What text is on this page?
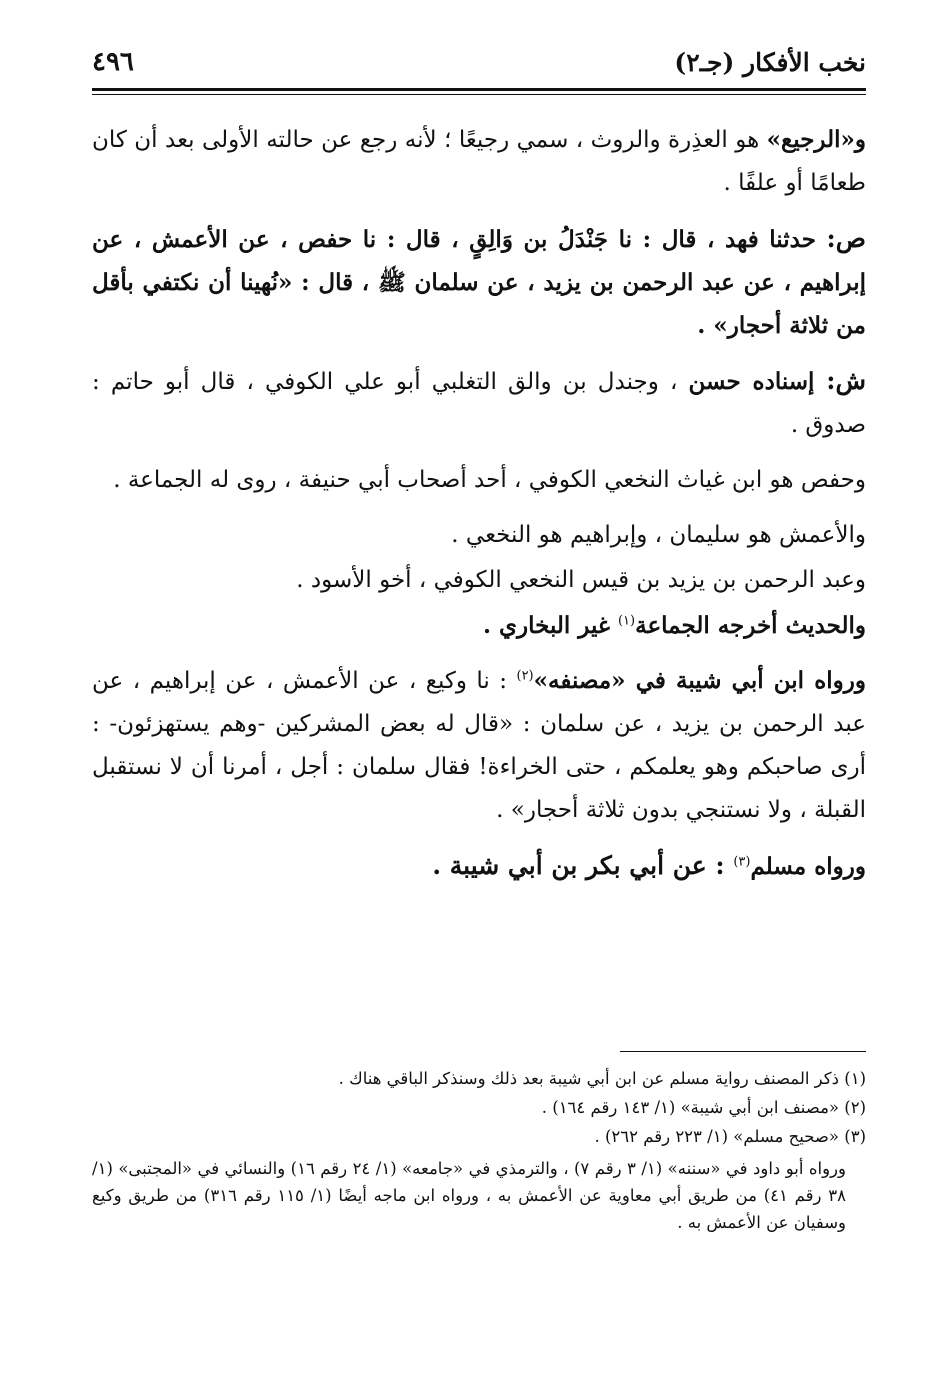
نخب الأفكار (جـ٢)
٤٩٦

و«الرجيع» هو العذِرة والروث ، سمي رجيعًا ؛ لأنه رجع عن حالته الأولى بعد أن كان طعامًا أو علفًا .

ص: حدثنا فهد ، قال : نا جَنْدَلُ بن وَالِقٍ ، قال : نا حفص ، عن الأعمش ، عن إبراهيم ، عن عبد الرحمن بن يزيد ، عن سلمان ﷺ ، قال : «نُهينا أن نكتفي بأقل من ثلاثة أحجار» .

ش: إسناده حسن ، وجندل بن والق التغلبي أبو علي الكوفي ، قال أبو حاتم : صدوق .

وحفص هو ابن غياث النخعي الكوفي ، أحد أصحاب أبي حنيفة ، روى له الجماعة .

والأعمش هو سليمان ، وإبراهيم هو النخعي .

وعبد الرحمن بن يزيد بن قيس النخعي الكوفي ، أخو الأسود .

والحديث أخرجه الجماعة$^{(١)}$ غير البخاري .

ورواه ابن أبي شيبة في «مصنفه»$^{(٢)}$ : نا وكيع ، عن الأعمش ، عن إبراهيم ، عن عبد الرحمن بن يزيد ، عن سلمان : «قال له بعض المشركين -وهم يستهزئون- : أرى صاحبكم وهو يعلمكم ، حتى الخراءة! فقال سلمان : أجل ، أمرنا أن لا نستقبل القبلة ، ولا نستنجي بدون ثلاثة أحجار» .

ورواه مسلم$^{(٣)}$ : عن أبي بكر بن أبي شيبة .

(١) ذكر المصنف رواية مسلم عن ابن أبي شيبة بعد ذلك وسنذكر الباقي هناك .

(٢) «مصنف ابن أبي شيبة» (١/ ١٤٣ رقم ١٦٤) .

(٣) «صحيح مسلم» (١/ ٢٢٣ رقم ٢٦٢) .

ورواه أبو داود في «سننه» (١/ ٣ رقم ٧) ، والترمذي في «جامعه» (١/ ٢٤ رقم ١٦) والنسائي في «المجتبى» (١/ ٣٨ رقم ٤١) من طريق أبي معاوية عن الأعمش به ، ورواه ابن ماجه أيضًا (١/ ١١٥ رقم ٣١٦) من طريق وكيع وسفيان عن الأعمش به .
